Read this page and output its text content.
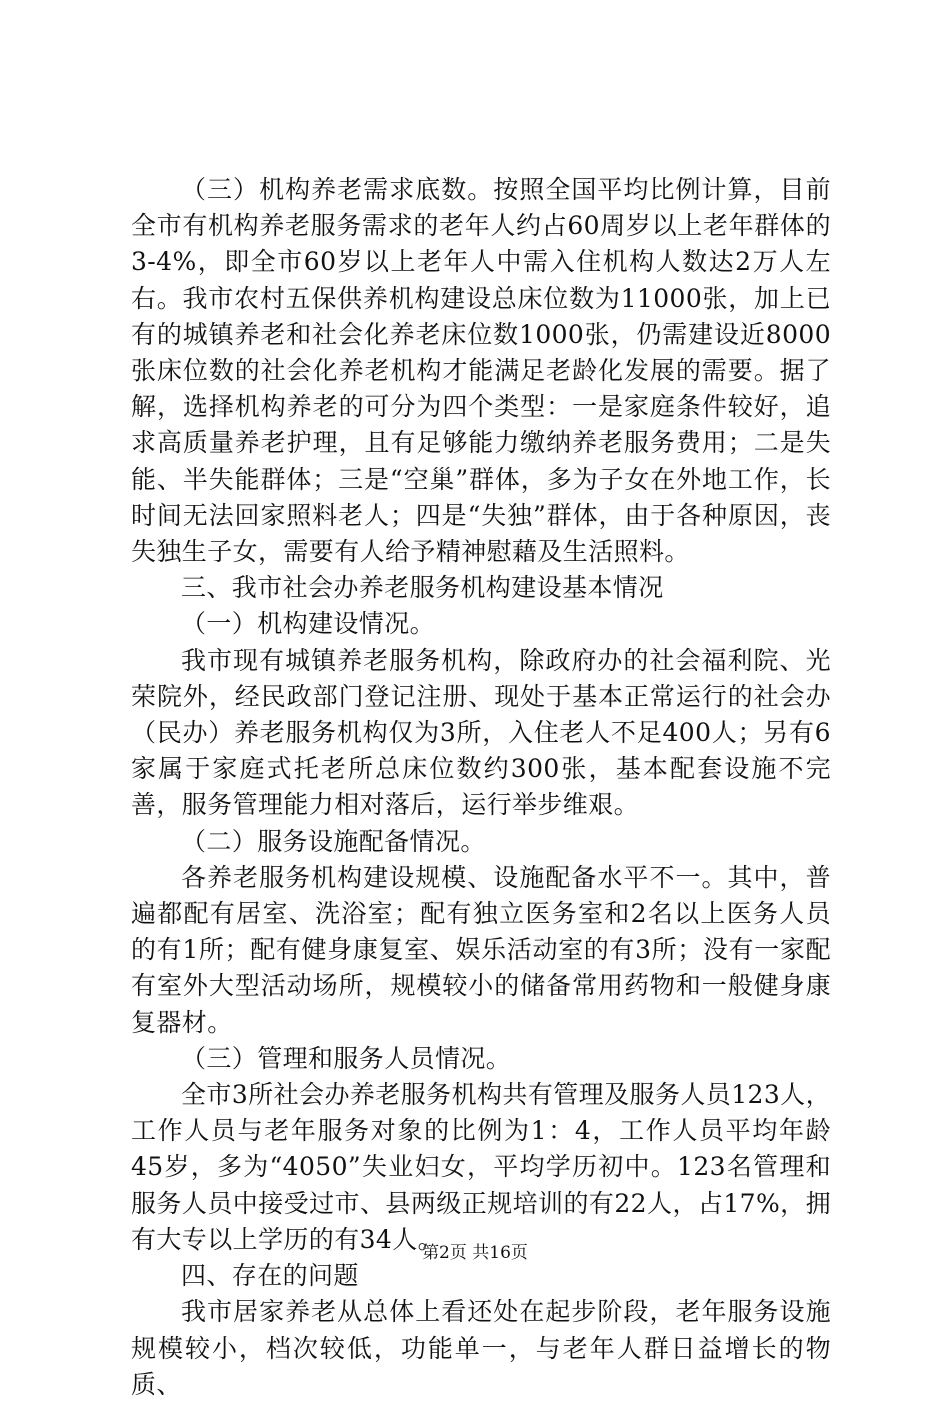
（三）机构养老需求底数。按照全国平均比例计算，目前全市有机构养老服务需求的老年人约占60周岁以上老年群体的3-4%，即全市60岁以上老年人中需入住机构人数达2万人左右。我市农村五保供养机构建设总床位数为11000张，加上已有的城镇养老和社会化养老床位数1000张，仍需建设近8000张床位数的社会化养老机构才能满足老龄化发展的需要。据了解，选择机构养老的可分为四个类型：一是家庭条件较好，追求高质量养老护理，且有足够能力缴纳养老服务费用；二是失能、半失能群体；三是“空巢”群体，多为子女在外地工作，长时间无法回家照料老人；四是“失独”群体，由于各种原因，丧失独生子女，需要有人给予精神慰藉及生活照料。

三、我市社会办养老服务机构建设基本情况

（一）机构建设情况。

我市现有城镇养老服务机构，除政府办的社会福利院、光荣院外，经民政部门登记注册、现处于基本正常运行的社会办（民办）养老服务机构仅为3所，入住老人不足400人；另有6家属于家庭式托老所总床位数约300张，基本配套设施不完善，服务管理能力相对落后，运行举步维艰。

（二）服务设施配备情况。

各养老服务机构建设规模、设施配备水平不一。其中，普遍都配有居室、洗浴室；配有独立医务室和2名以上医务人员的有1所；配有健身康复室、娱乐活动室的有3所；没有一家配有室外大型活动场所，规模较小的储备常用药物和一般健身康复器材。

（三）管理和服务人员情况。

全市3所社会办养老服务机构共有管理及服务人员123人，工作人员与老年服务对象的比例为1：4，工作人员平均年龄45岁，多为“4050”失业妇女，平均学历初中。123名管理和服务人员中接受过市、县两级正规培训的有22人，占17%，拥有大专以上学历的有34人。

四、存在的问题

我市居家养老从总体上看还处在起步阶段，老年服务设施规模较小，档次较低，功能单一，与老年人群日益增长的物质、

第2页 共16页
